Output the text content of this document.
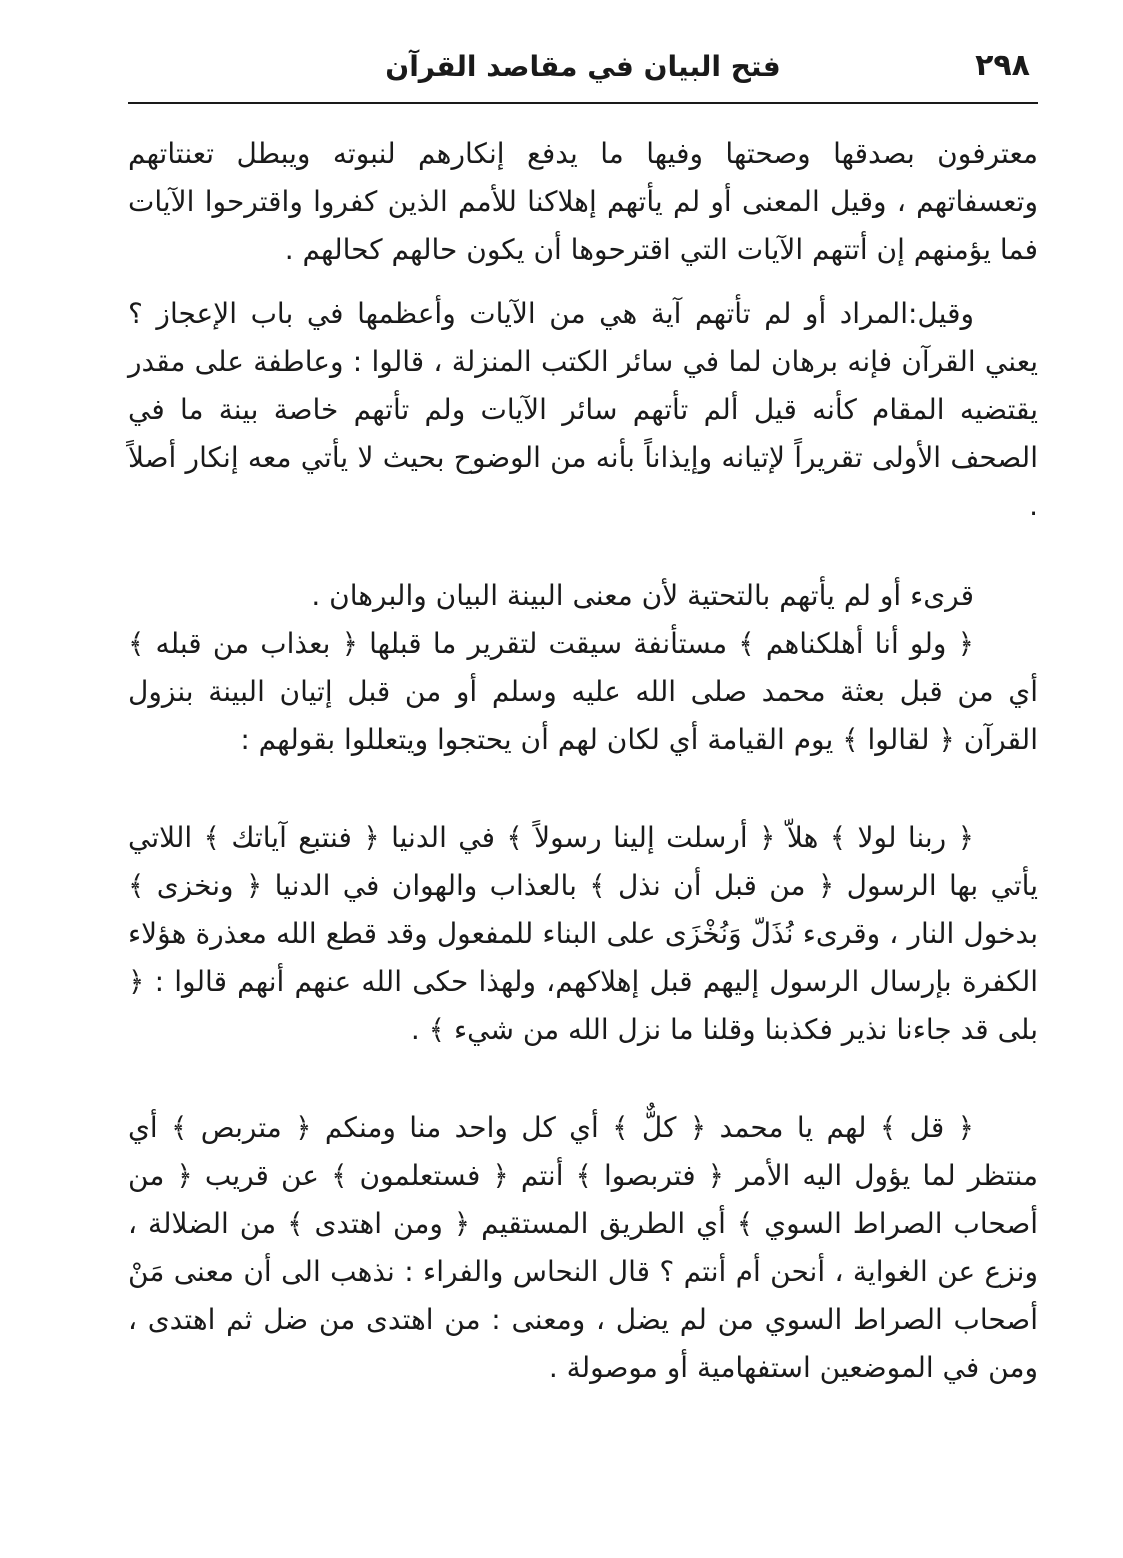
٢٩٨
فتح البيان في مقاصد القرآن

معترفون بصدقها وصحتها وفيها ما يدفع إنكارهم لنبوته ويبطل تعنتاتهم وتعسفاتهم ، وقيل المعنى أو لم يأتهم إهلاكنا للأمم الذين كفروا واقترحوا الآيات فما يؤمنهم إن أتتهم الآيات التي اقترحوها أن يكون حالهم كحالهم .

وقيل:المراد أو لم تأتهم آية هي من الآيات وأعظمها في باب الإعجاز ؟ يعني القرآن فإنه برهان لما في سائر الكتب المنزلة ، قالوا : وعاطفة على مقدر يقتضيه المقام كأنه قيل ألم تأتهم سائر الآيات ولم تأتهم خاصة بينة ما في الصحف الأولى تقريراً لإتيانه وإيذاناً بأنه من الوضوح بحيث لا يأتي معه إنكار أصلاً .

قرىء أو لم يأتهم بالتحتية لأن معنى البينة البيان والبرهان .

﴿ ولو أنا أهلكناهم ﴾ مستأنفة سيقت لتقرير ما قبلها ﴿ بعذاب من قبله ﴾ أي من قبل بعثة محمد صلى الله عليه وسلم أو من قبل إتيان البينة بنزول القرآن ﴿ لقالوا ﴾ يوم القيامة أي لكان لهم أن يحتجوا ويتعللوا بقولهم :

﴿ ربنا لولا ﴾ هلاّ ﴿ أرسلت إلينا رسولاً ﴾ في الدنيا ﴿ فنتبع آياتك ﴾ اللاتي يأتي بها الرسول ﴿ من قبل أن نذل ﴾ بالعذاب والهوان في الدنيا ﴿ ونخزى ﴾ بدخول النار ، وقرىء نُذَلّ وَنُخْزَى على البناء للمفعول وقد قطع الله معذرة هؤلاء الكفرة بإرسال الرسول إليهم قبل إهلاكهم، ولهذا حكى الله عنهم أنهم قالوا : ﴿ بلى قد جاءنا نذير فكذبنا وقلنا ما نزل الله من شيء ﴾ .

﴿ قل ﴾ لهم يا محمد ﴿ كلٌّ ﴾ أي كل واحد منا ومنكم ﴿ متربص ﴾ أي منتظر لما يؤول اليه الأمر ﴿ فتربصوا ﴾ أنتم ﴿ فستعلمون ﴾ عن قريب ﴿ من أصحاب الصراط السوي ﴾ أي الطريق المستقيم ﴿ ومن اهتدى ﴾ من الضلالة ، ونزع عن الغواية ، أنحن أم أنتم ؟ قال النحاس والفراء : نذهب الى أن معنى مَنْ أصحاب الصراط السوي من لم يضل ، ومعنى : من اهتدى من ضل ثم اهتدى ، ومن في الموضعين استفهامية أو موصولة .
